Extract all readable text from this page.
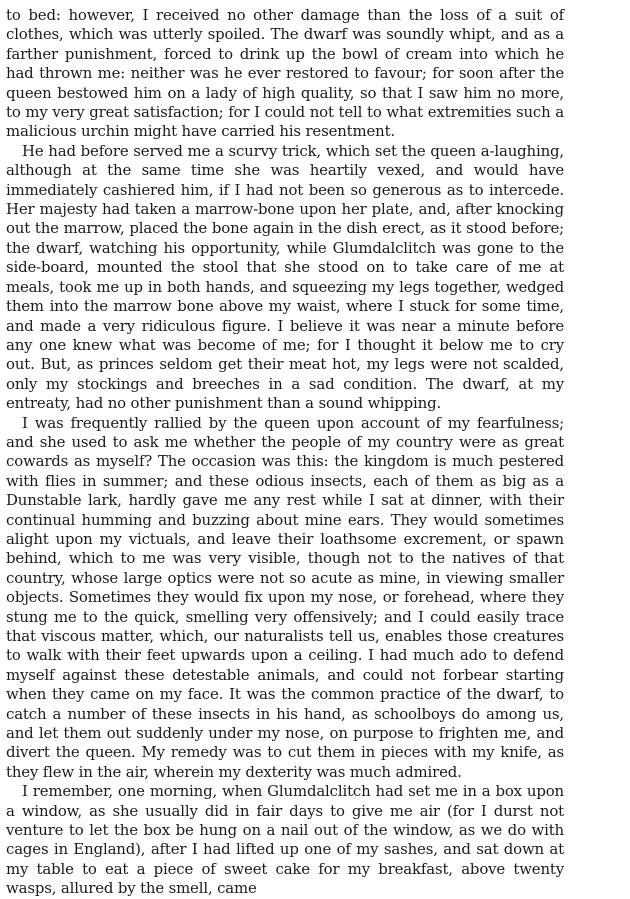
to bed: however, I received no other damage than the loss of a suit of clothes, which was utterly spoiled. The dwarf was soundly whipt, and as a farther punishment, forced to drink up the bowl of cream into which he had thrown me: neither was he ever restored to favour; for soon after the queen bestowed him on a lady of high quality, so that I saw him no more, to my very great satisfaction; for I could not tell to what extremities such a malicious urchin might have carried his resentment.

He had before served me a scurvy trick, which set the queen a-laughing, although at the same time she was heartily vexed, and would have immediately cashiered him, if I had not been so generous as to intercede. Her majesty had taken a marrow-bone upon her plate, and, after knocking out the marrow, placed the bone again in the dish erect, as it stood before; the dwarf, watching his opportunity, while Glumdalclitch was gone to the side-board, mounted the stool that she stood on to take care of me at meals, took me up in both hands, and squeezing my legs together, wedged them into the marrow bone above my waist, where I stuck for some time, and made a very ridiculous figure. I believe it was near a minute before any one knew what was become of me; for I thought it below me to cry out. But, as princes seldom get their meat hot, my legs were not scalded, only my stockings and breeches in a sad condition. The dwarf, at my entreaty, had no other punishment than a sound whipping.

I was frequently rallied by the queen upon account of my fearfulness; and she used to ask me whether the people of my country were as great cowards as myself? The occasion was this: the kingdom is much pestered with flies in summer; and these odious insects, each of them as big as a Dunstable lark, hardly gave me any rest while I sat at dinner, with their continual humming and buzzing about mine ears. They would sometimes alight upon my victuals, and leave their loathsome excrement, or spawn behind, which to me was very visible, though not to the natives of that country, whose large optics were not so acute as mine, in viewing smaller objects. Sometimes they would fix upon my nose, or forehead, where they stung me to the quick, smelling very offensively; and I could easily trace that viscous matter, which, our naturalists tell us, enables those creatures to walk with their feet upwards upon a ceiling. I had much ado to defend myself against these detestable animals, and could not forbear starting when they came on my face. It was the common practice of the dwarf, to catch a number of these insects in his hand, as schoolboys do among us, and let them out suddenly under my nose, on purpose to frighten me, and divert the queen. My remedy was to cut them in pieces with my knife, as they flew in the air, wherein my dexterity was much admired.

I remember, one morning, when Glumdalclitch had set me in a box upon a window, as she usually did in fair days to give me air (for I durst not venture to let the box be hung on a nail out of the window, as we do with cages in England), after I had lifted up one of my sashes, and sat down at my table to eat a piece of sweet cake for my breakfast, above twenty wasps, allured by the smell, came
